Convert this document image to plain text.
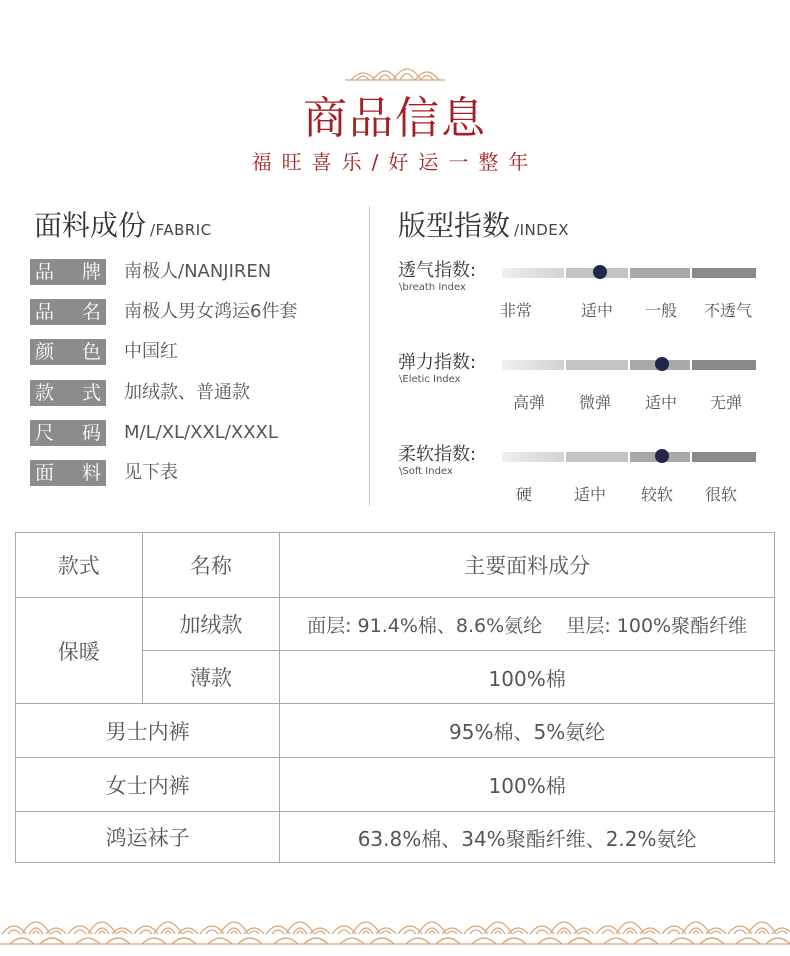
商品信息
福旺喜乐/好运一整年
面料成份 /FABRIC	版型指数 /INDEX
品 牌 南极人/NANJIREN
品 名 南极人男女鸿运6件套
颜 色 中国红
款 式 加绒款、普通款
尺 码 M/L/XL/XXL/XXXL
面 料 见下表
透气指数:
\breath Index
非常	适中 一般 不透气
弹力指数:
\Eletic Index
高弹 微弹 适中 无弹
柔软指数:
\Soft Index
硬	适中 较软 很软
款式	名称	主要面料成分
保暖	加绒款	面层: 91.4%棉、8.6%氨纶    里层: 100%聚酯纤维
	薄款	100%棉
男士内裤		95%棉、5%氨纶
女士内裤		100%棉
鸿运袜子		63.8%棉、34%聚酯纤维、2.2%氨纶
